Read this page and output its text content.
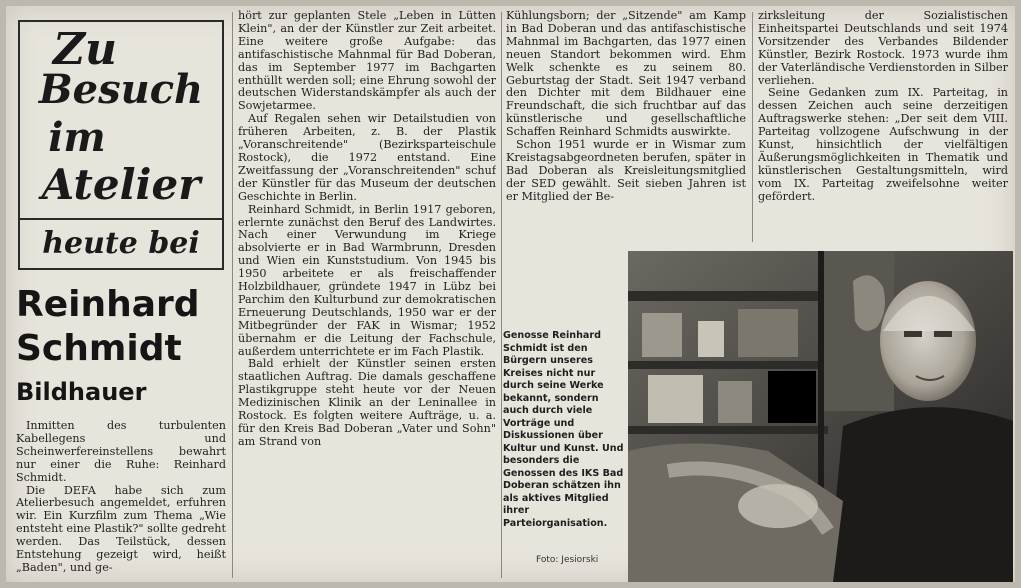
Zu
Besuch
im
Atelier
heute bei
Reinhard
Schmidt
Bildhauer

Inmitten des turbulenten Kabellegens und Scheinwerfereinstellens bewahrt nur einer die Ruhe: Reinhard Schmidt.

Die DEFA habe sich zum Atelierbesuch angemeldet, erfuhren wir. Ein Kurzfilm zum Thema „Wie entsteht eine Plastik?" sollte gedreht werden. Das Teilstück, dessen Entstehung gezeigt wird, heißt „Baden", und ge-

hört zur geplanten Stele „Leben in Lütten Klein", an der der Künstler zur Zeit arbeitet. Eine weitere große Aufgabe: das antifaschistische Mahnmal für Bad Doberan, das im September 1977 im Bachgarten enthüllt werden soll; eine Ehrung sowohl der deutschen Widerstandskämpfer als auch der Sowjetarmee.

Auf Regalen sehen wir Detailstudien von früheren Arbeiten, z. B. der Plastik „Voranschreitende" (Bezirksparteischule Rostock), die 1972 entstand. Eine Zweitfassung der „Voranschreitenden" schuf der Künstler für das Museum der deutschen Geschichte in Berlin.

Reinhard Schmidt, in Berlin 1917 geboren, erlernte zunächst den Beruf des Landwirtes. Nach einer Verwundung im Kriege absolvierte er in Bad Warmbrunn, Dresden und Wien ein Kunststudium. Von 1945 bis 1950 arbeitete er als freischaffender Holzbildhauer, gründete 1947 in Lübz bei Parchim den Kulturbund zur demokratischen Erneuerung Deutschlands, 1950 war er der Mitbegründer der FAK in Wismar; 1952 übernahm er die Leitung der Fachschule, außerdem unterrichtete er im Fach Plastik.

Bald erhielt der Künstler seinen ersten staatlichen Auftrag. Die damals geschaffene Plastikgruppe steht heute vor der Neuen Medizinischen Klinik an der Leninallee in Rostock. Es folgten weitere Aufträge, u. a. für den Kreis Bad Doberan „Vater und Sohn" am Strand von

Kühlungsborn; der „Sitzende" am Kamp in Bad Doberan und das antifaschistische Mahnmal im Bachgarten, das 1977 einen neuen Standort bekommen wird. Ehm Welk schenkte es zu seinem 80. Geburtstag der Stadt. Seit 1947 verband den Dichter mit dem Bildhauer eine Freundschaft, die sich fruchtbar auf das künstlerische und gesellschaftliche Schaffen Reinhard Schmidts auswirkte.

Schon 1951 wurde er in Wismar zum Kreistagsabgeordneten berufen, später in Bad Doberan als Kreisleitungsmitglied der SED gewählt. Seit sieben Jahren ist er Mitglied der Be-

zirksleitung der Sozialistischen Einheitspartei Deutschlands und seit 1974 Vorsitzender des Verbandes Bildender Künstler, Bezirk Rostock. 1973 wurde ihm der Vaterländische Verdienstorden in Silber verliehen.

Seine Gedanken zum IX. Parteitag, in dessen Zeichen auch seine derzeitigen Auftragswerke stehen: „Der seit dem VIII. Parteitag vollzogene Aufschwung in der Kunst, hinsichtlich der vielfältigen Äußerungsmöglichkeiten in Thematik und künstlerischen Gestaltungsmitteln, wird vom IX. Parteitag zweifelsohne weiter gefördert.

Genosse Reinhard Schmidt ist den Bürgern unseres Kreises nicht nur durch seine Werke bekannt, sondern auch durch viele Vorträge und Diskussionen über Kultur und Kunst. Und besonders die Genossen des IKS Bad Doberan schätzen ihn als aktives Mitglied ihrer Parteiorganisation.
Foto: Jesiorski
